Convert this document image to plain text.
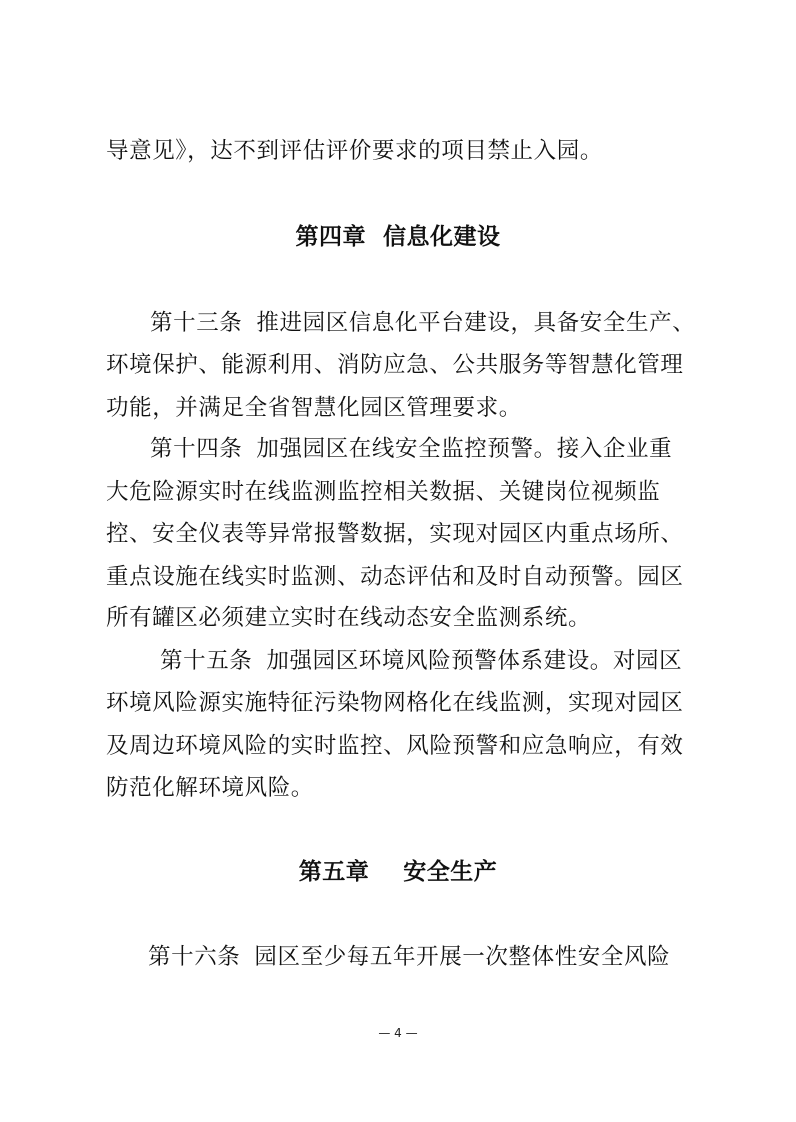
导意见》，达不到评估评价要求的项目禁止入园。
第四章  信息化建设
第十三条 推进园区信息化平台建设，具备安全生产、
环境保护、能源利用、消防应急、公共服务等智慧化管理
功能，并满足全省智慧化园区管理要求。
第十四条 加强园区在线安全监控预警。接入企业重
大危险源实时在线监测监控相关数据、关键岗位视频监
控、安全仪表等异常报警数据，实现对园区内重点场所、
重点设施在线实时监测、动态评估和及时自动预警。园区
所有罐区必须建立实时在线动态安全监测系统。
第十五条 加强园区环境风险预警体系建设。对园区
环境风险源实施特征污染物网格化在线监测，实现对园区
及周边环境风险的实时监控、风险预警和应急响应，有效
防范化解环境风险。
第五章    安全生产
第十六条 园区至少每五年开展一次整体性安全风险
— 4 —
